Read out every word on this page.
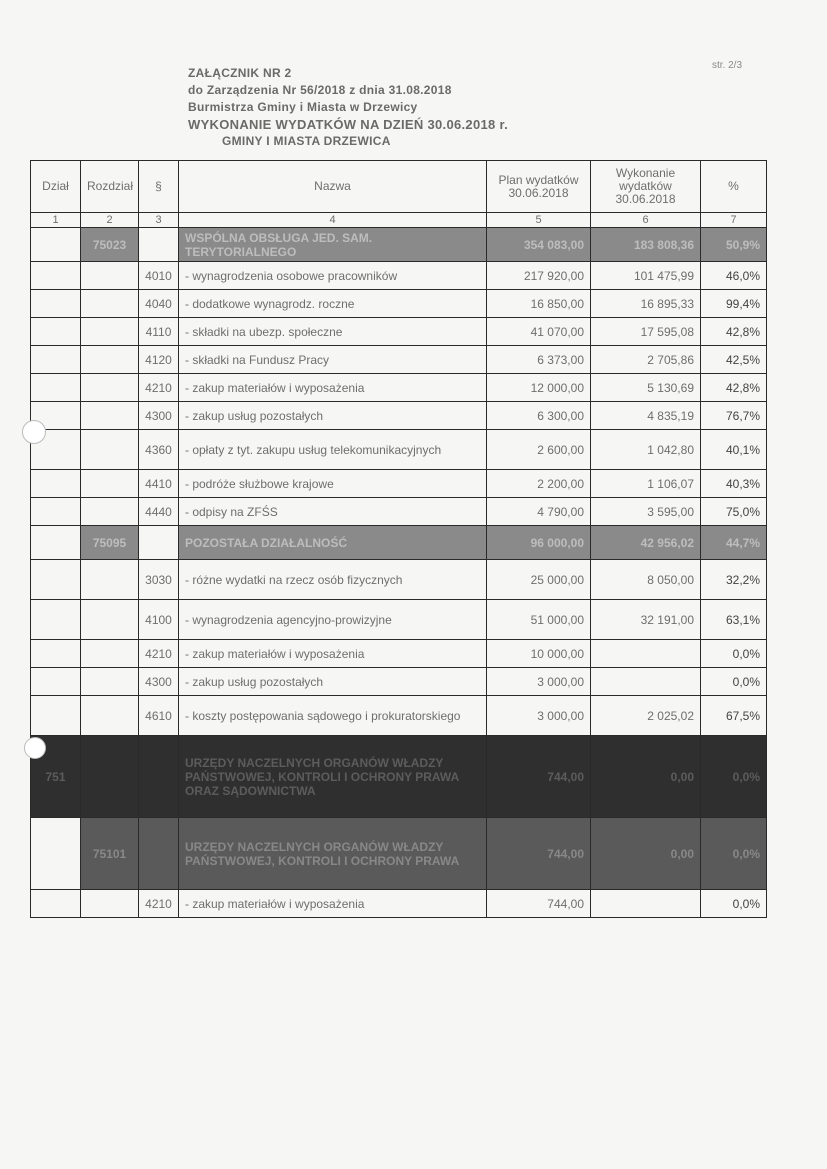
str. 2/3
ZAŁĄCZNIK NR 2
do Zarządzenia Nr 56/2018 z dnia 31.08.2018
Burmistrza Gminy i Miasta w Drzewicy
WYKONANIE WYDATKÓW NA DZIEŃ 30.06.2018 r.
GMINY I MIASTA DRZEWICA
Dział	Rozdział	§	Nazwa	Plan wydatków 30.06.2018	Wykonanie wydatków 30.06.2018	%
1	2	3	4	5	6	7
	75023		WSPÓLNA OBSŁUGA JED. SAM. TERYTORIALNEGO	354 083,00	183 808,36	50,9%
		4010	- wynagrodzenia osobowe pracowników	217 920,00	101 475,99	46,0%
		4040	- dodatkowe wynagrodz. roczne	16 850,00	16 895,33	99,4%
		4110	- składki na ubezp. społeczne	41 070,00	17 595,08	42,8%
		4120	- składki na Fundusz Pracy	6 373,00	2 705,86	42,5%
		4210	- zakup materiałów i wyposażenia	12 000,00	5 130,69	42,8%
		4300	- zakup usług pozostałych	6 300,00	4 835,19	76,7%
		4360	- opłaty z tyt. zakupu usług telekomunikacyjnych	2 600,00	1 042,80	40,1%
		4410	- podróże służbowe krajowe	2 200,00	1 106,07	40,3%
		4440	- odpisy na ZFŚS	4 790,00	3 595,00	75,0%
	75095		POZOSTAŁA DZIAŁALNOŚĆ	96 000,00	42 956,02	44,7%
		3030	- różne wydatki na rzecz osób fizycznych	25 000,00	8 050,00	32,2%
		4100	- wynagrodzenia agencyjno-prowizyjne	51 000,00	32 191,00	63,1%
		4210	- zakup materiałów i wyposażenia	10 000,00		0,0%
		4300	- zakup usług pozostałych	3 000,00		0,0%
		4610	- koszty postępowania sądowego i prokuratorskiego	3 000,00	2 025,02	67,5%
751			URZĘDY NACZELNYCH ORGANÓW WŁADZY PAŃSTWOWEJ, KONTROLI I OCHRONY PRAWA ORAZ SĄDOWNICTWA	744,00	0,00	0,0%
	75101		URZĘDY NACZELNYCH ORGANÓW WŁADZY PAŃSTWOWEJ, KONTROLI I OCHRONY PRAWA	744,00	0,00	0,0%
		4210	- zakup materiałów i wyposażenia	744,00		0,0%
